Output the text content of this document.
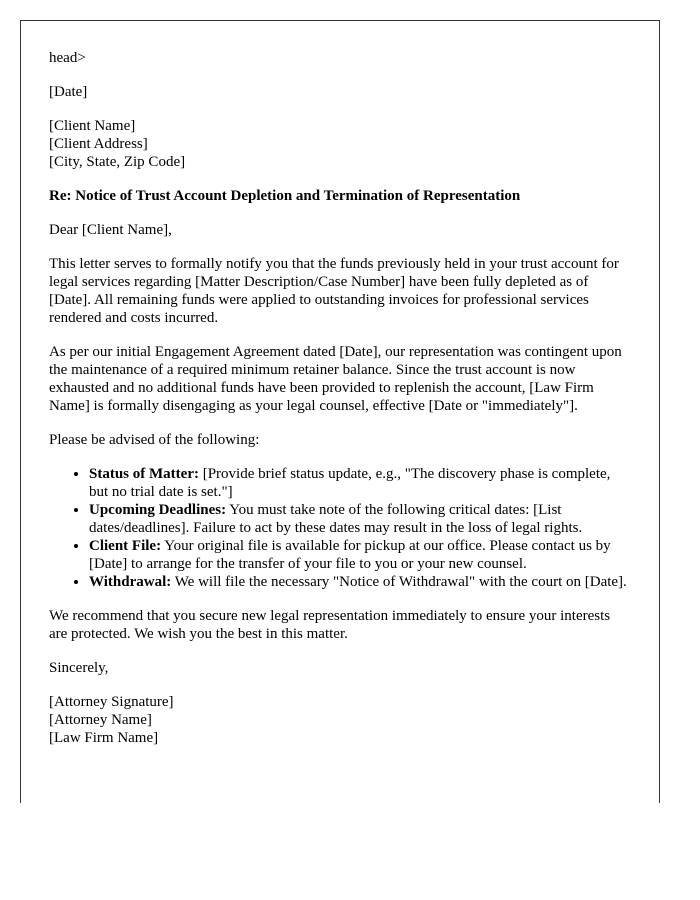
head>

[Date]

[Client Name]
[Client Address]
[City, State, Zip Code]

Re: Notice of Trust Account Depletion and Termination of Representation

Dear [Client Name],

This letter serves to formally notify you that the funds previously held in your trust account for legal services regarding [Matter Description/Case Number] have been fully depleted as of [Date]. All remaining funds were applied to outstanding invoices for professional services rendered and costs incurred.

As per our initial Engagement Agreement dated [Date], our representation was contingent upon the maintenance of a required minimum retainer balance. Since the trust account is now exhausted and no additional funds have been provided to replenish the account, [Law Firm Name] is formally disengaging as your legal counsel, effective [Date or "immediately"].

Please be advised of the following:

• Status of Matter: [Provide brief status update, e.g., "The discovery phase is complete, but no trial date is set."]
• Upcoming Deadlines: You must take note of the following critical dates: [List dates/deadlines]. Failure to act by these dates may result in the loss of legal rights.
• Client File: Your original file is available for pickup at our office. Please contact us by [Date] to arrange for the transfer of your file to you or your new counsel.
• Withdrawal: We will file the necessary "Notice of Withdrawal" with the court on [Date].

We recommend that you secure new legal representation immediately to ensure your interests are protected. We wish you the best in this matter.

Sincerely,

[Attorney Signature]
[Attorney Name]
[Law Firm Name]
